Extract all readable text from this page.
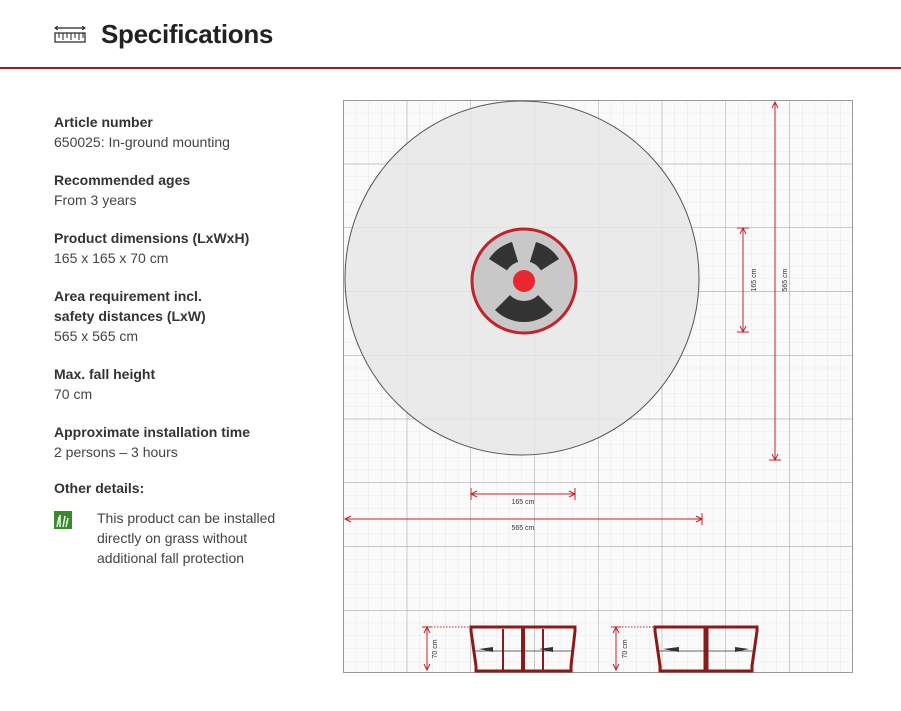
Specifications
Article number
650025: In-ground mounting
Recommended ages
From 3 years
Product dimensions (LxWxH)
165 x 165 x 70 cm
Area requirement incl. safety distances (LxW)
565 x 565 cm
Max. fall height
70 cm
Approximate installation time
2 persons – 3 hours
Other details:
This product can be installed directly on grass without additional fall protection
165 cm	565 cm
165 cm
565 cm
70 cm	70 cm
